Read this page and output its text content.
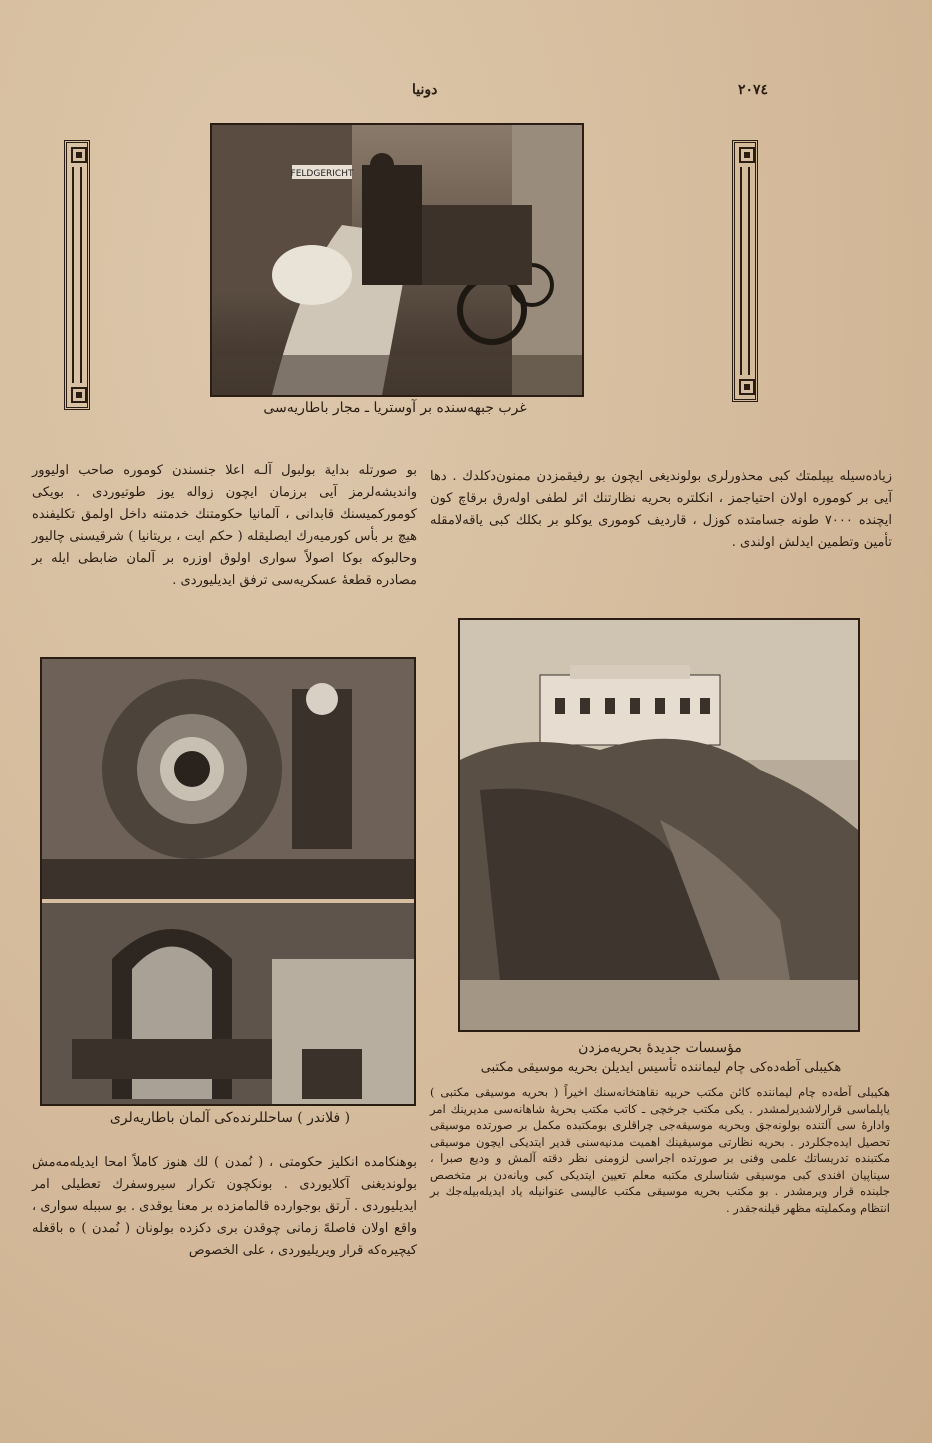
دونیا	٢٠٧٤
FELDGERICHT
غرب جبهه‌سنده بر آوستریا ـ مجار باطاریه‌سی
زیاده‌سیله یپیلمتك كبی محذورلری بولوندیغی ایچون بو رفیقمزدن ممنون‌دكلدك . دها آیی بر كوموره اولان احتیاجمز ، انكلتره بحریه نظارتنك اثر لطفی اوله‌رق برقاچ كون ایچنده ٧٠٠٠ طونه جسامتده كوزل ، قاردیف كوموری یوكلو بر بكلك كبی یاقه‌لامقله تأمین وتطمین ایدلش اولندی .
بو صورتله بدایة بولبول آلـه اعلا جنسندن كوموره صاحب اولیوور واندیشه‌لرمز آیی برزمان ایچون زواله یوز طوتیوردی . بویكی كوموركمیسنك قابدانی ، آلمانیا حكومتنك خدمتنه داخل اولمق تكلیفنده هیچ بر بأس كورمیه‌رك ایصلیقله ( حكم ایت ، بریتانیا ) شرقیسنی چالیور وحالبوكه بوكا اصولاً سواری اولوق اوزره بر آلمان ضابطی ایله بر مصادره قطعهٔ عسكریه‌سی ترفق ایدیلیوردی .
( فلاندر ) ساحللرنده‌كی آلمان باطاریه‌لری
مؤسسات جدیدهٔ بحریه‌مزدن
هكیبلی آطه‌ده‌كی چام لیماننده تأسیس ایدیلن بحریه موسیقی مكتبی
هكیبلی آطه‌ده چام لیماننده كائن مكتب حربیه نقاهتخانه‌سنك اخیراً ( بحریه موسیقی مكتبی ) یاپلماسی قرارلاشدیرلمشدر . یكی مكتب جرخچی ـ كاتب مكتب بحریهٔ شاهانه‌سی مدیرینك امر وادارهٔ سی آلتنده بولونه‌جق وبحریه موسیقه‌جی چراقلری بومكتبده مكمل بر صورتده موسیقی تحصیل ایده‌جكلردر . بحریه نظارتی موسیقینك اهمیت مدنیه‌سنی قدیر ایتدیكی ایچون موسیقی مكتبنده تدریساتك علمی وفنی بر صورتده اجراسی لزومنی نظر دقته آلمش و ودیع صبرا ، سیناپیان افندی كبی موسیقی شناسلری مكتبه معلم تعیین ایتدیكی كبی ویانه‌دن بر متخصص جلبنده قرار ویرمشدر . بو مكتب بحریه موسیقی مكتب عالیسی عنوانیله یاد ایدیله‌بیله‌جك بر انتظام ومكملیته مظهر قیلنه‌جقدر .
بوهنكامده انكلیز حكومتی ، ( نُمدن ) لك هنوز كاملاً امحا ایدیله‌مه‌مش بولوندیغنی آكلایوردی . بونكچون تكرار سیروسفرك تعطیلی امر ایدیلیوردی . آرتق بوجوارده قالمامزده بر معنا یوقدی . بو سببله سواری ، واقع اولان فاصلهً زمانی چوقدن برى دكزده بولونان ( نُمدن ) ه باقغله كیچیره‌كه قرار ویریلیوردی ، علی الخصوص
